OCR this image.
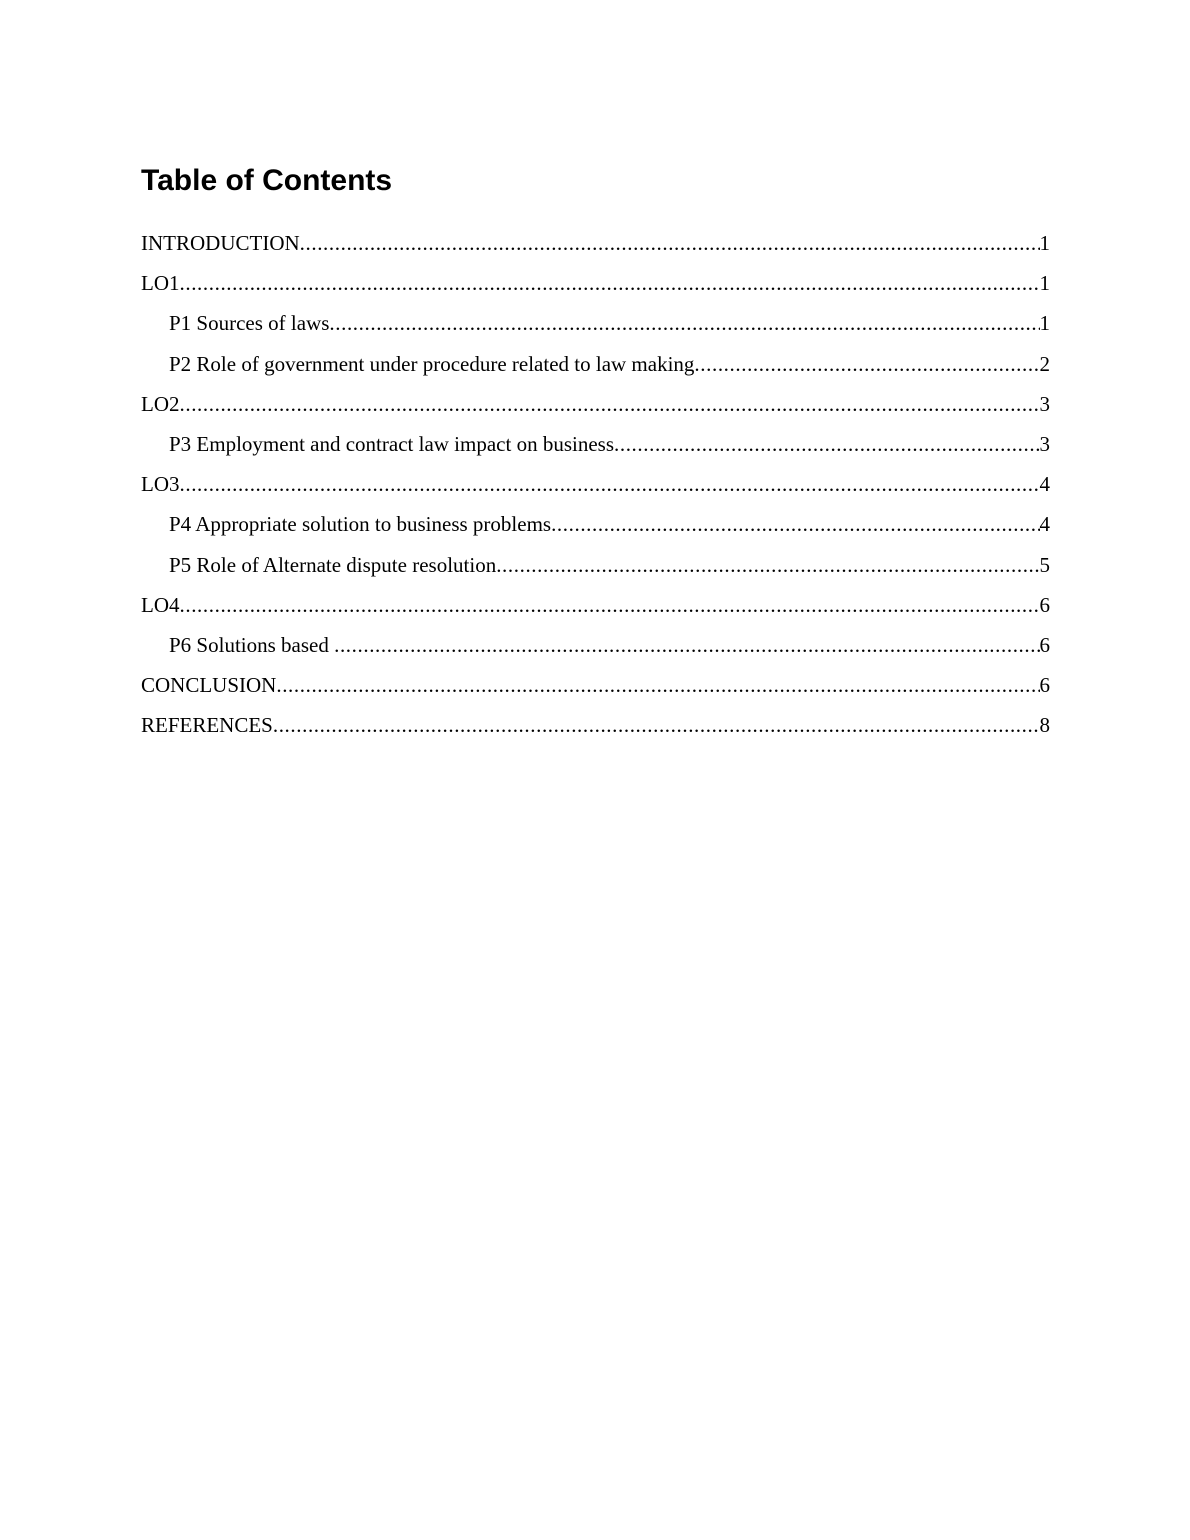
Table of Contents
INTRODUCTION .....	1
LO1 .....	1
P1 Sources of laws .....	1
P2 Role of government under procedure related to law making .....	2
LO2 .....	3
P3 Employment and contract law impact on business .....	3
LO3 .....	4
P4 Appropriate solution to business problems .....	4
P5 Role of Alternate dispute resolution .....	5
LO4 .....	6
P6 Solutions based .....	6
CONCLUSION .....	6
REFERENCES .....	8
